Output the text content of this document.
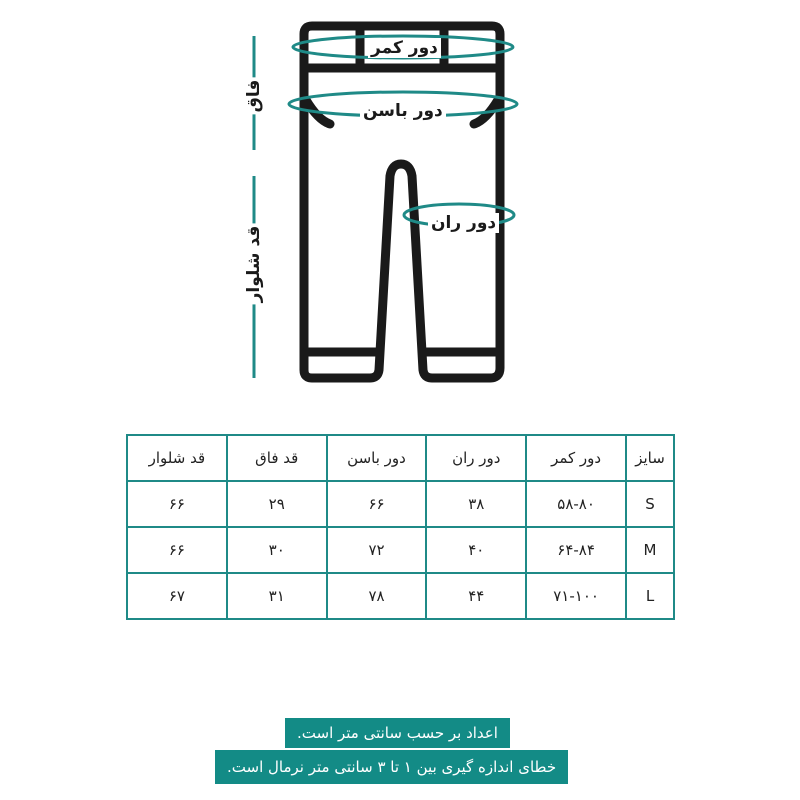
دور کمر
دور باسن
دور ران
فاق
قد شلوار
سایز	دور کمر	دور ران	دور باسن	قد فاق	قد شلوار
S	۵۸-۸۰	۳۸	۶۶	۲۹	۶۶
M	۶۴-۸۴	۴۰	۷۲	۳۰	۶۶
L	۷۱-۱۰۰	۴۴	۷۸	۳۱	۶۷
اعداد بر حسب سانتی متر است.
خطای اندازه گیری بین ۱ تا ۳ سانتی متر نرمال است.
